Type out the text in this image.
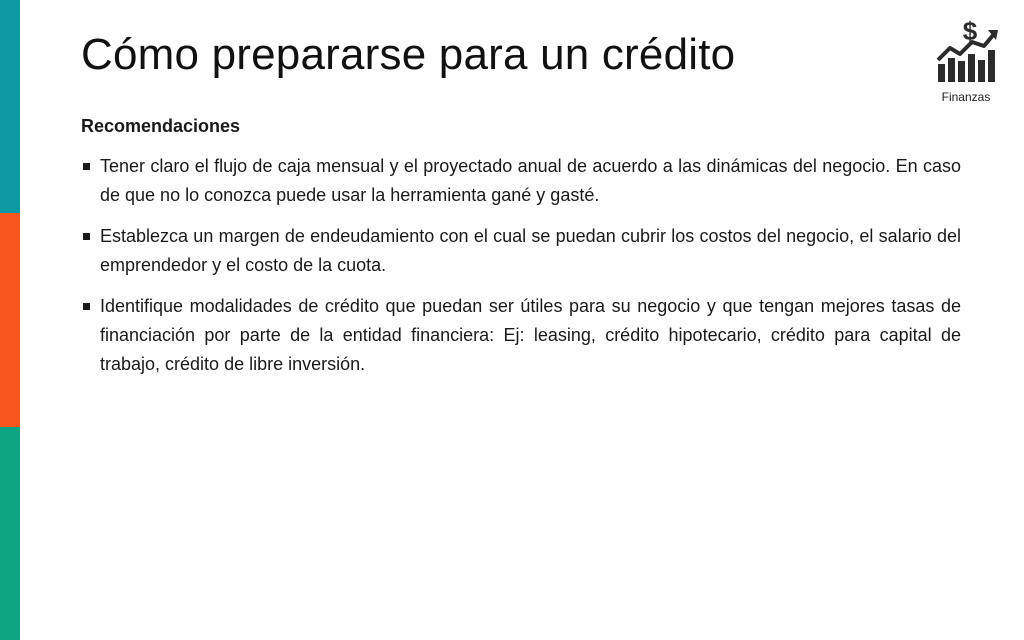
Cómo prepararse para un crédito	$
Finanzas
Recomendaciones
Tener claro el flujo de caja mensual y el proyectado anual de acuerdo a las dinámicas del negocio. En caso de que no lo conozca puede usar la herramienta gané y gasté.
Establezca un margen de endeudamiento con el cual se puedan cubrir los costos del negocio, el salario del emprendedor y el costo de la cuota.
Identifique modalidades de crédito que puedan ser útiles para su negocio y que tengan mejores tasas de financiación por parte de la entidad financiera: Ej: leasing, crédito hipotecario, crédito para capital de trabajo, crédito de libre inversión.
